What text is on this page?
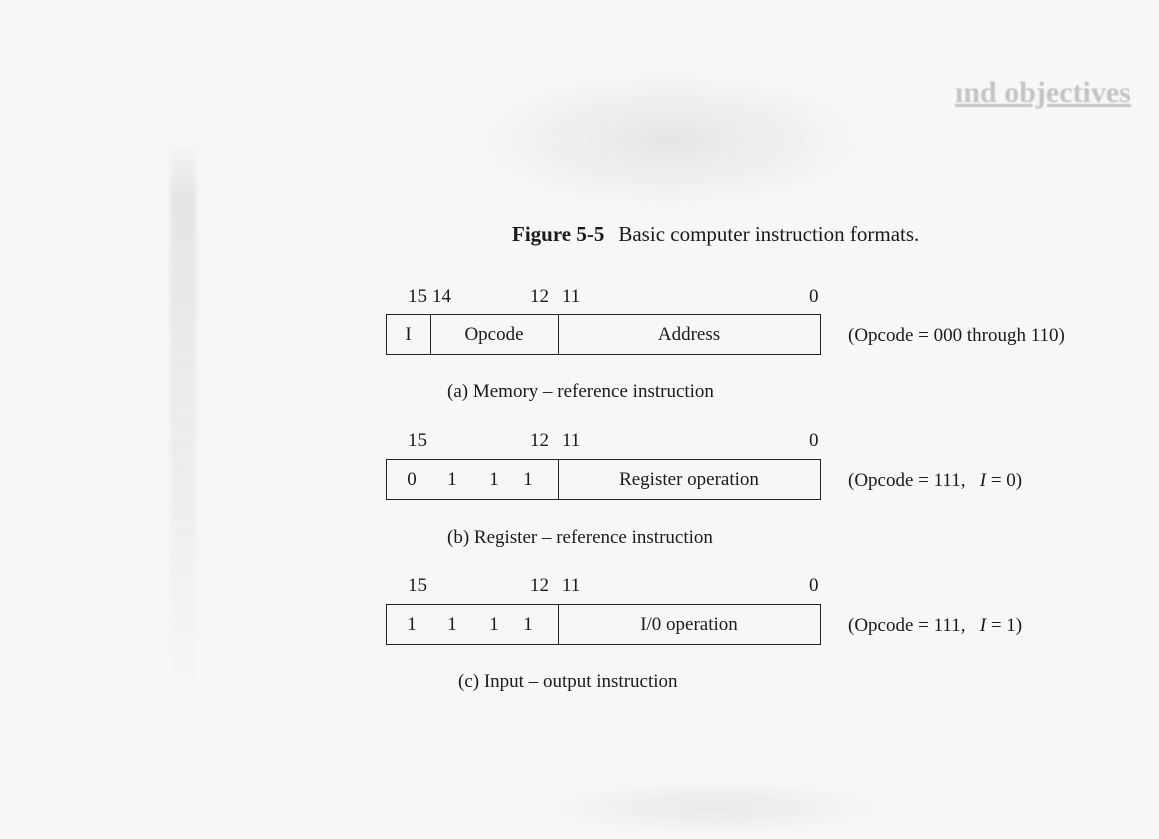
ınd objectives
Figure 5-5 Basic computer instruction formats.
15 14	12 11	0
I	Opcode	Address	(Opcode = 000 through 110)
(a) Memory – reference instruction
15	12 11	0
0	1	1	1	Register operation	(Opcode = 111, I = 0)
(b) Register – reference instruction
15	12 11	0
1	1	1	1	I/0 operation	(Opcode = 111, I = 1)
(c) Input – output instruction
